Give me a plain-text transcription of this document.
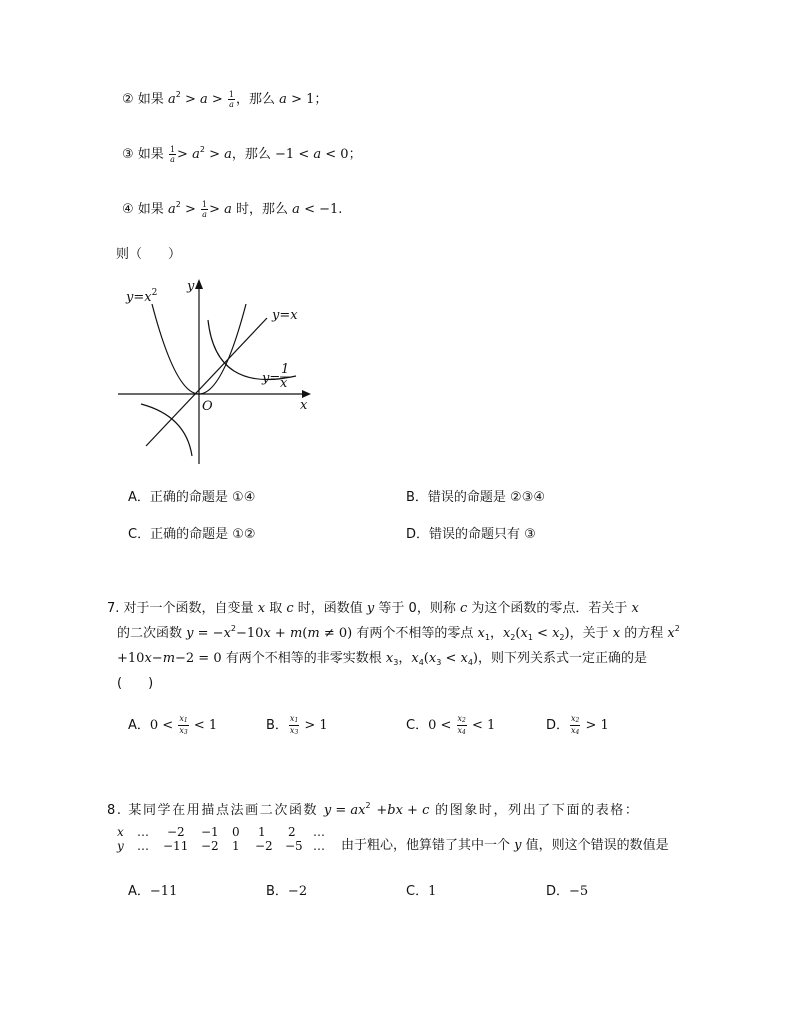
② 如果 $a^2 > a > \frac{1}{a}$ ，那么 a > 1；
③ 如果 $\frac{1}{a} > a^2 > a$，那么 −1 < a < 0；
④ 如果 $a^2 > \frac{1}{a} > a$ 时，那么 a < −1.
则（　　）
$y=x^2$
y=x
y=
1
x
x
y
O
A．正确的命题是 ①④	B．错误的命题是 ②③④
C．正确的命题是 ①②	D．错误的命题只有 ③
7. 对于一个函数，自变量 x 取 c 时，函数值 y 等于 0，则称 c 为这个函数的零点．若关于 x
的二次函数 $y = -x^2-10x + m(m \ne 0)$ 有两个不相等的零点 $x_1$，$x_2(x_1 < x_2)$，关于 x 的方程 $x^2$
+10x−m−2 = 0 有两个不相等的非零实数根 $x_3$，$x_4(x_3 < x_4)$，则下列关系式一定正确的是
(　　)
A．$0 < \frac{x_1}{x_3} < 1$	B． $\frac{x_1}{x_3} > 1$	C．$0 < \frac{x_2}{x_4} < 1$	D． $\frac{x_2}{x_4} > 1$
8. 某同学在用描点法画二次函数 $y = ax^2 +bx + c$ 的图象时，列出了下面的表格：
x … −2 −1 0 1 2 …
y … −11 −2 1 −2 −5 … 由于粗心，他算错了其中一个 y 值，则这个错误的数值是
A．−11	B．−2	C．1	D．−5
